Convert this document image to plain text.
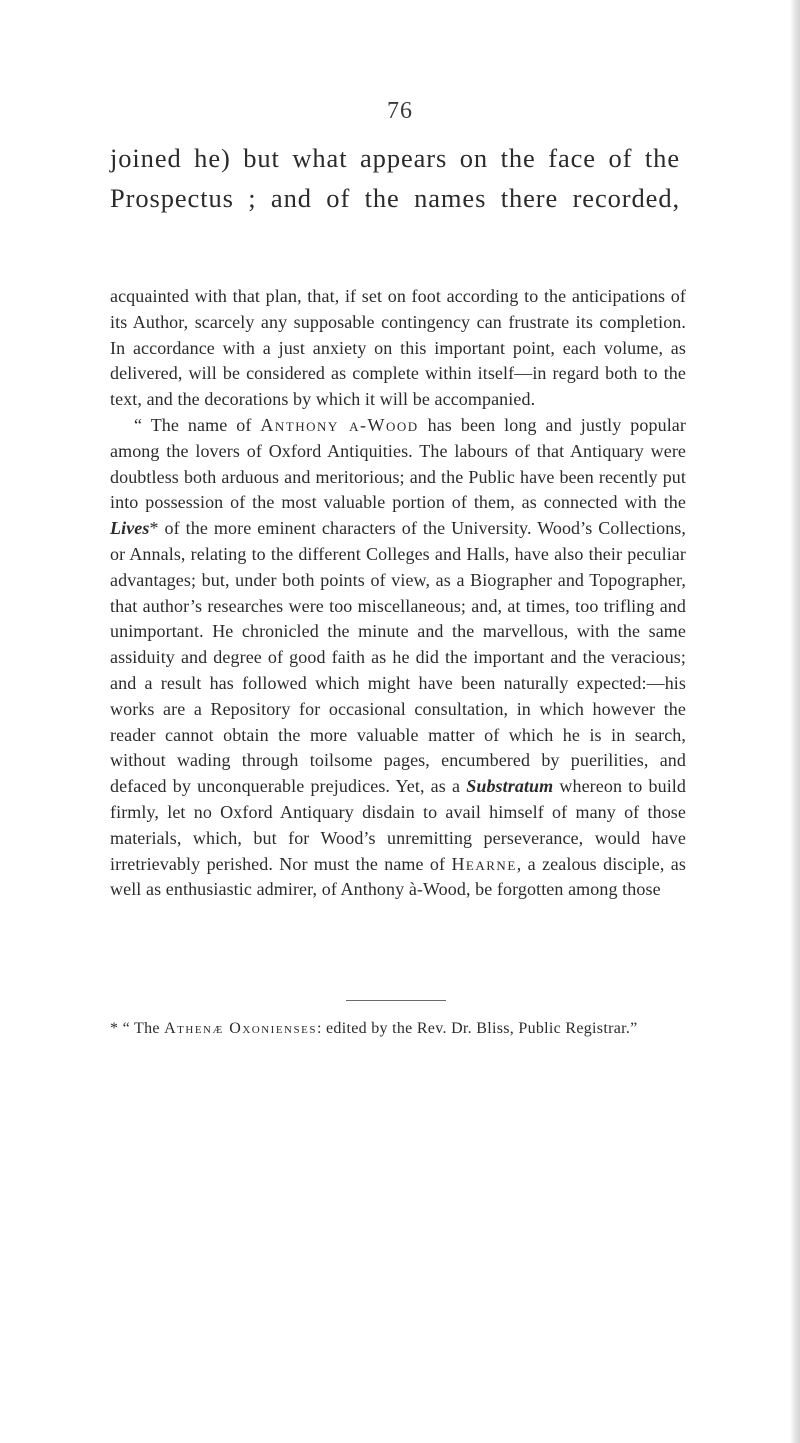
76
joined he) but what appears on the face of the
Prospectus ; and of the names there recorded,

acquainted with that plan, that, if set on foot according to the anticipations of its Author, scarcely any supposable contingency can frustrate its completion. In accordance with a just anxiety on this important point, each volume, as delivered, will be considered as complete within itself—in regard both to the text, and the decorations by which it will be accompanied.

“ The name of Anthony a-Wood has been long and justly popular among the lovers of Oxford Antiquities. The labours of that Antiquary were doubtless both arduous and meritorious; and the Public have been recently put into possession of the most valuable portion of them, as connected with the Lives* of the more eminent characters of the University. Wood’s Collections, or Annals, relating to the different Colleges and Halls, have also their peculiar advantages; but, under both points of view, as a Biographer and Topographer, that author’s researches were too miscellaneous; and, at times, too trifling and unimportant. He chronicled the minute and the marvellous, with the same assiduity and degree of good faith as he did the important and the veracious; and a result has followed which might have been naturally expected:—his works are a Repository for occasional consultation, in which however the reader cannot obtain the more valuable matter of which he is in search, without wading through toilsome pages, encumbered by puerilities, and defaced by unconquerable prejudices. Yet, as a Substratum whereon to build firmly, let no Oxford Antiquary disdain to avail himself of many of those materials, which, but for Wood’s unremitting perseverance, would have irretrievably perished. Nor must the name of Hearne, a zealous disciple, as well as enthusiastic admirer, of Anthony à-Wood, be forgotten among those

* “ The Athenæ Oxonienses: edited by the Rev. Dr. Bliss, Public Registrar.”
